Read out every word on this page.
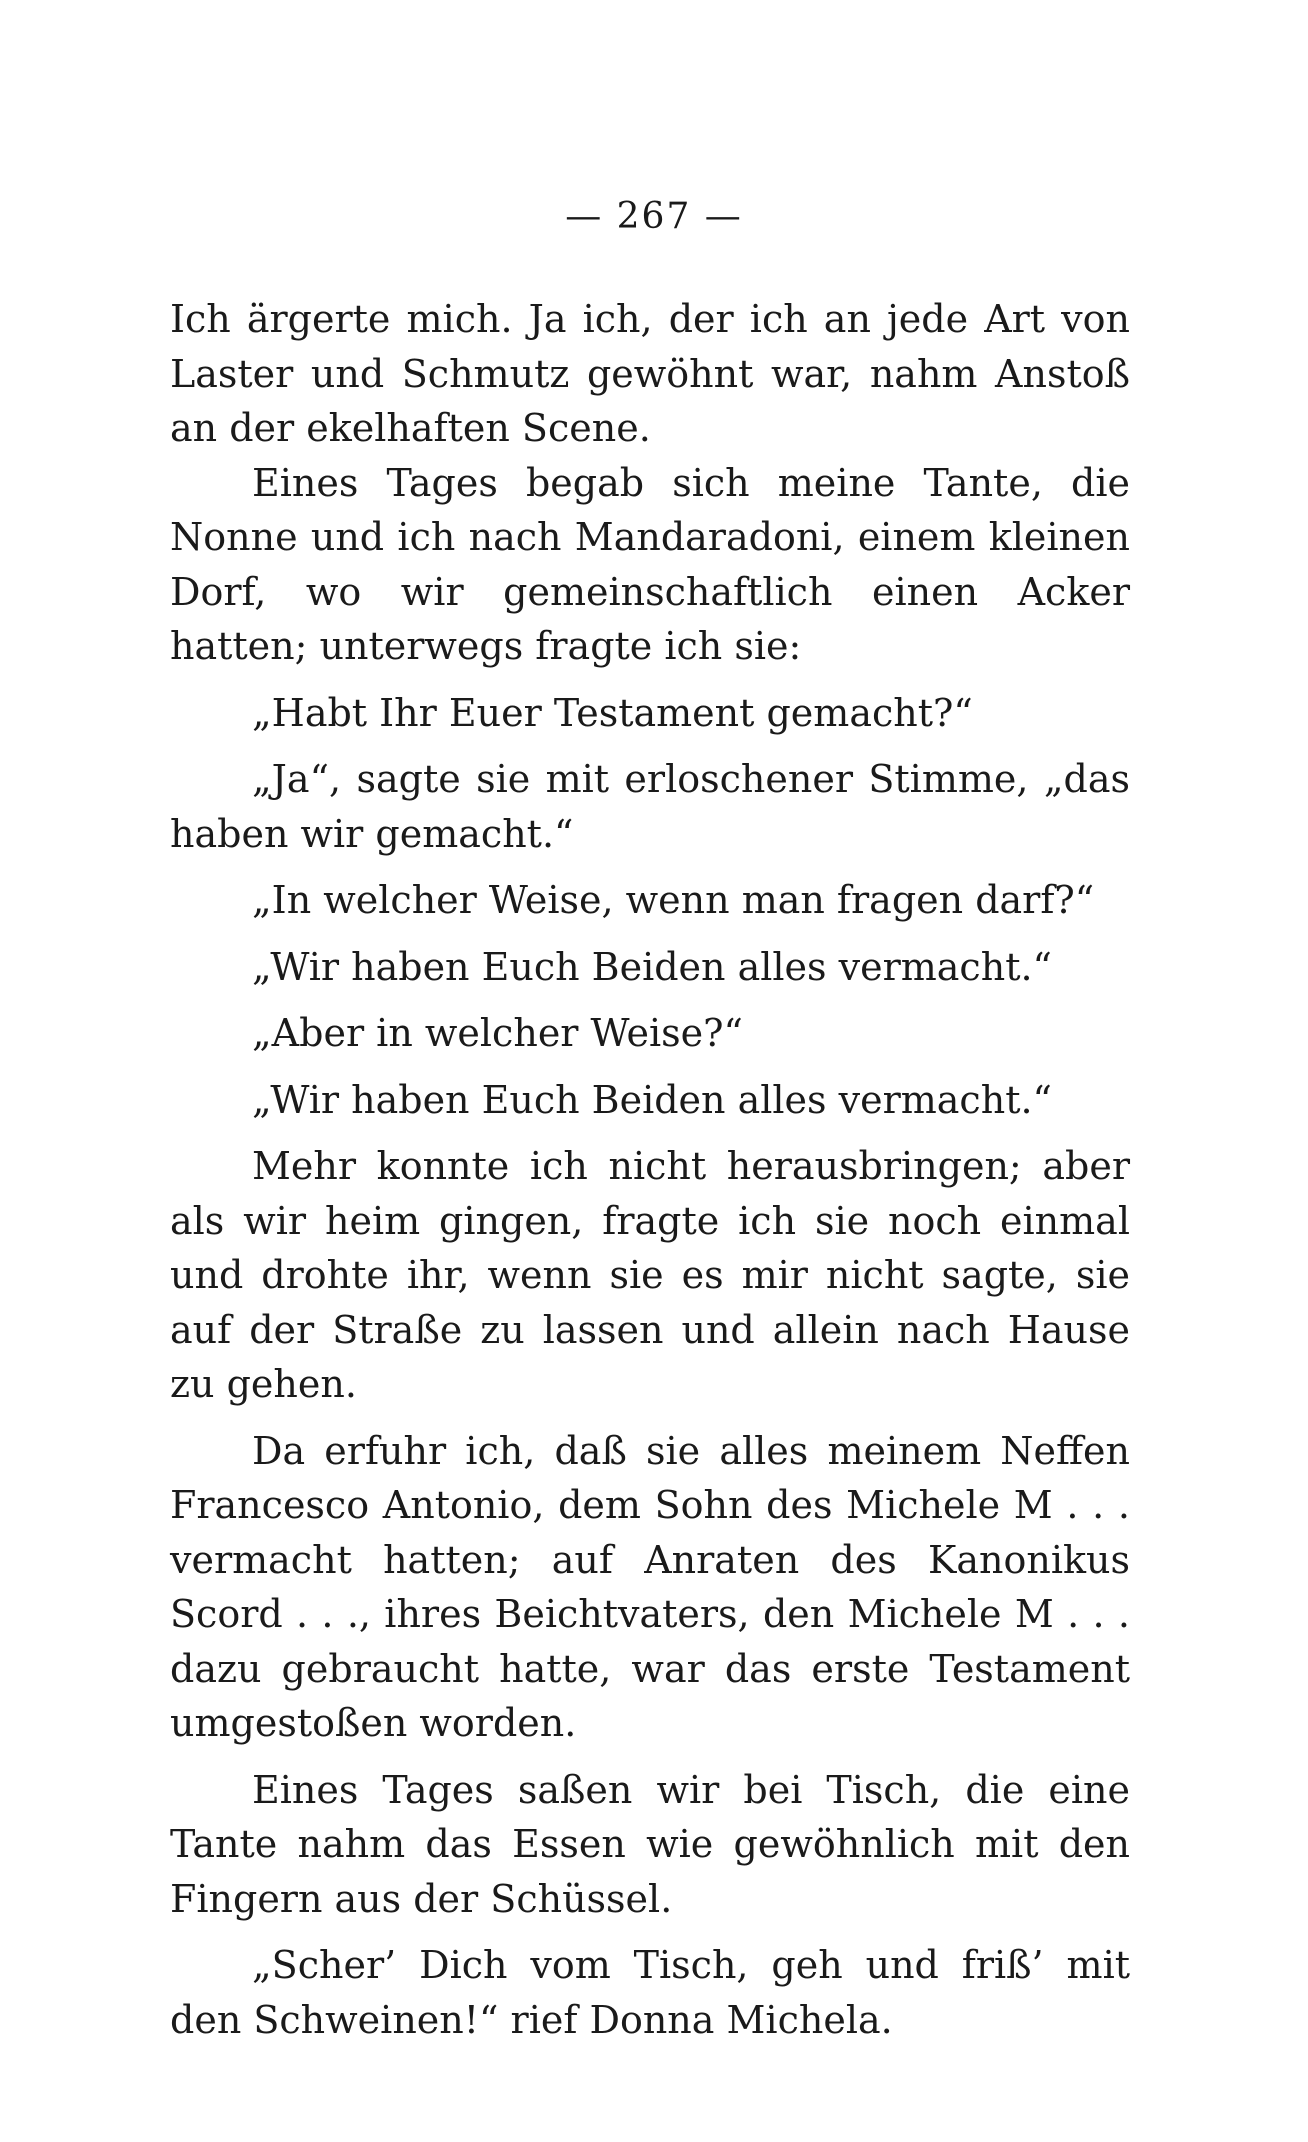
— 267 —

Ich ärgerte mich. Ja ich, der ich an jede Art von Laster und Schmutz gewöhnt war, nahm Anstoß an der ekelhaften Scene.

Eines Tages begab sich meine Tante, die Nonne und ich nach Mandaradoni, einem kleinen Dorf, wo wir gemeinschaftlich einen Acker hatten; unterwegs fragte ich sie:

„Habt Ihr Euer Testament gemacht?“

„Ja“, sagte sie mit erloschener Stimme, „das haben wir gemacht.“

„In welcher Weise, wenn man fragen darf?“

„Wir haben Euch Beiden alles vermacht.“

„Aber in welcher Weise?“

„Wir haben Euch Beiden alles vermacht.“

Mehr konnte ich nicht herausbringen; aber als wir heim gingen, fragte ich sie noch einmal und drohte ihr, wenn sie es mir nicht sagte, sie auf der Straße zu lassen und allein nach Hause zu gehen.

Da erfuhr ich, daß sie alles meinem Neffen Francesco Antonio, dem Sohn des Michele M . . . vermacht hatten; auf Anraten des Kanonikus Scord . . ., ihres Beichtvaters, den Michele M . . . dazu gebraucht hatte, war das erste Testament umgestoßen worden.

Eines Tages saßen wir bei Tisch, die eine Tante nahm das Essen wie gewöhnlich mit den Fingern aus der Schüssel.

„Scher’ Dich vom Tisch, geh und friß’ mit den Schweinen!“ rief Donna Michela.
